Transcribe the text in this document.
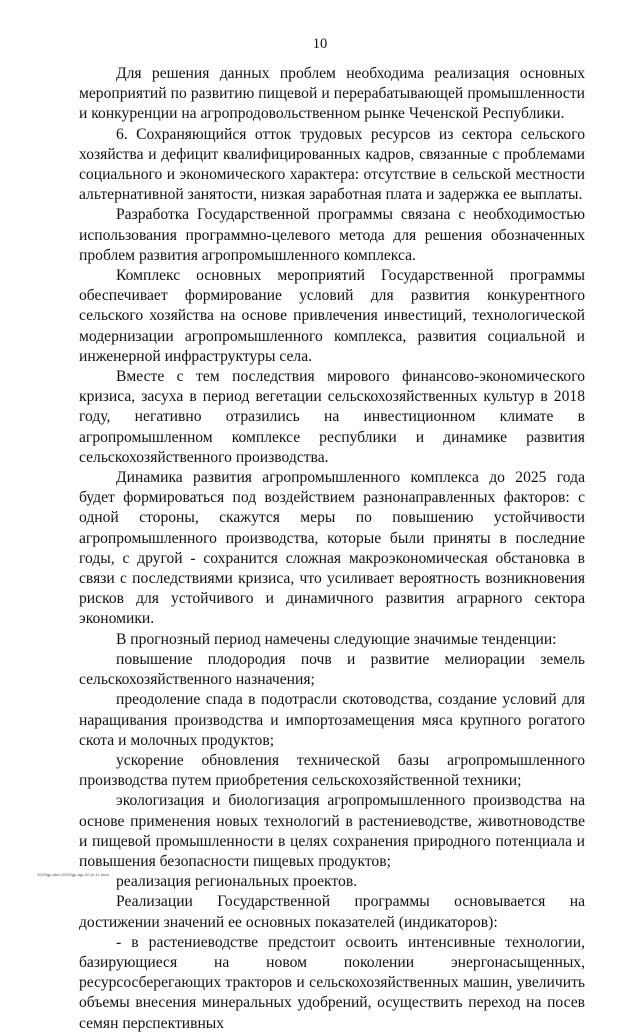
10

Для решения данных проблем необходима реализация основных мероприятий по развитию пищевой и перерабатывающей промышленности и конкуренции на агропродовольственном рынке Чеченской Республики.

6. Сохраняющийся отток трудовых ресурсов из сектора сельского хозяйства и дефицит квалифицированных кадров, связанные с проблемами социального и экономического характера: отсутствие в сельской местности альтернативной занятости, низкая заработная плата и задержка ее выплаты.

Разработка Государственной программы связана с необходимостью использования программно-целевого метода для решения обозначенных проблем развития агропромышленного комплекса.

Комплекс основных мероприятий Государственной программы обеспечивает формирование условий для развития конкурентного сельского хозяйства на основе привлечения инвестиций, технологической модернизации агропромышленного комплекса, развития социальной и инженерной инфраструктуры села.

Вместе с тем последствия мирового финансово-экономического кризиса, засуха в период вегетации сельскохозяйственных культур в 2018 году, негативно отразились на инвестиционном климате в агропромышленном комплексе республики и динамике развития сельскохозяйственного производства.

Динамика развития агропромышленного комплекса до 2025 года будет формироваться под воздействием разнонаправленных факторов: с одной стороны, скажутся меры по повышению устойчивости агропромышленного производства, которые были приняты в последние годы, с другой - сохранится сложная макроэкономическая обстановка в связи с последствиями кризиса, что усиливает вероятность возникновения рисков для устойчивого и динамичного развития аграрного сектора экономики.

В прогнозный период намечены следующие значимые тенденции:

повышение плодородия почв и развитие мелиорации земель сельскохозяйственного назначения;

преодоление спада в подотрасли скотоводства, создание условий для наращивания производства и импортозамещения мяса крупного рогатого скота и молочных продуктов;

ускорение обновления технической базы агропромышленного производства путем приобретения сельскохозяйственной техники;

экологизация и биологизация агропромышленного производства на основе применения новых технологий в растениеводстве, животноводстве и пищевой промышленности в целях сохранения природного потенциала и повышения безопасности пищевых продуктов;

реализация региональных проектов.

Реализации Государственной программы основывается на достижении значений ее основных показателей (индикаторов):

- в растениеводстве предстоит освоить интенсивные технологии, базирующиеся на новом поколении энергонасыщенных, ресурсосберегающих тракторов и сельскохозяйственных машин, увеличить объемы внесения минеральных удобрений, осуществить переход на посев семян перспективных

2019\gp-ahm-2020\gp-agr-02-pr-11.docx
